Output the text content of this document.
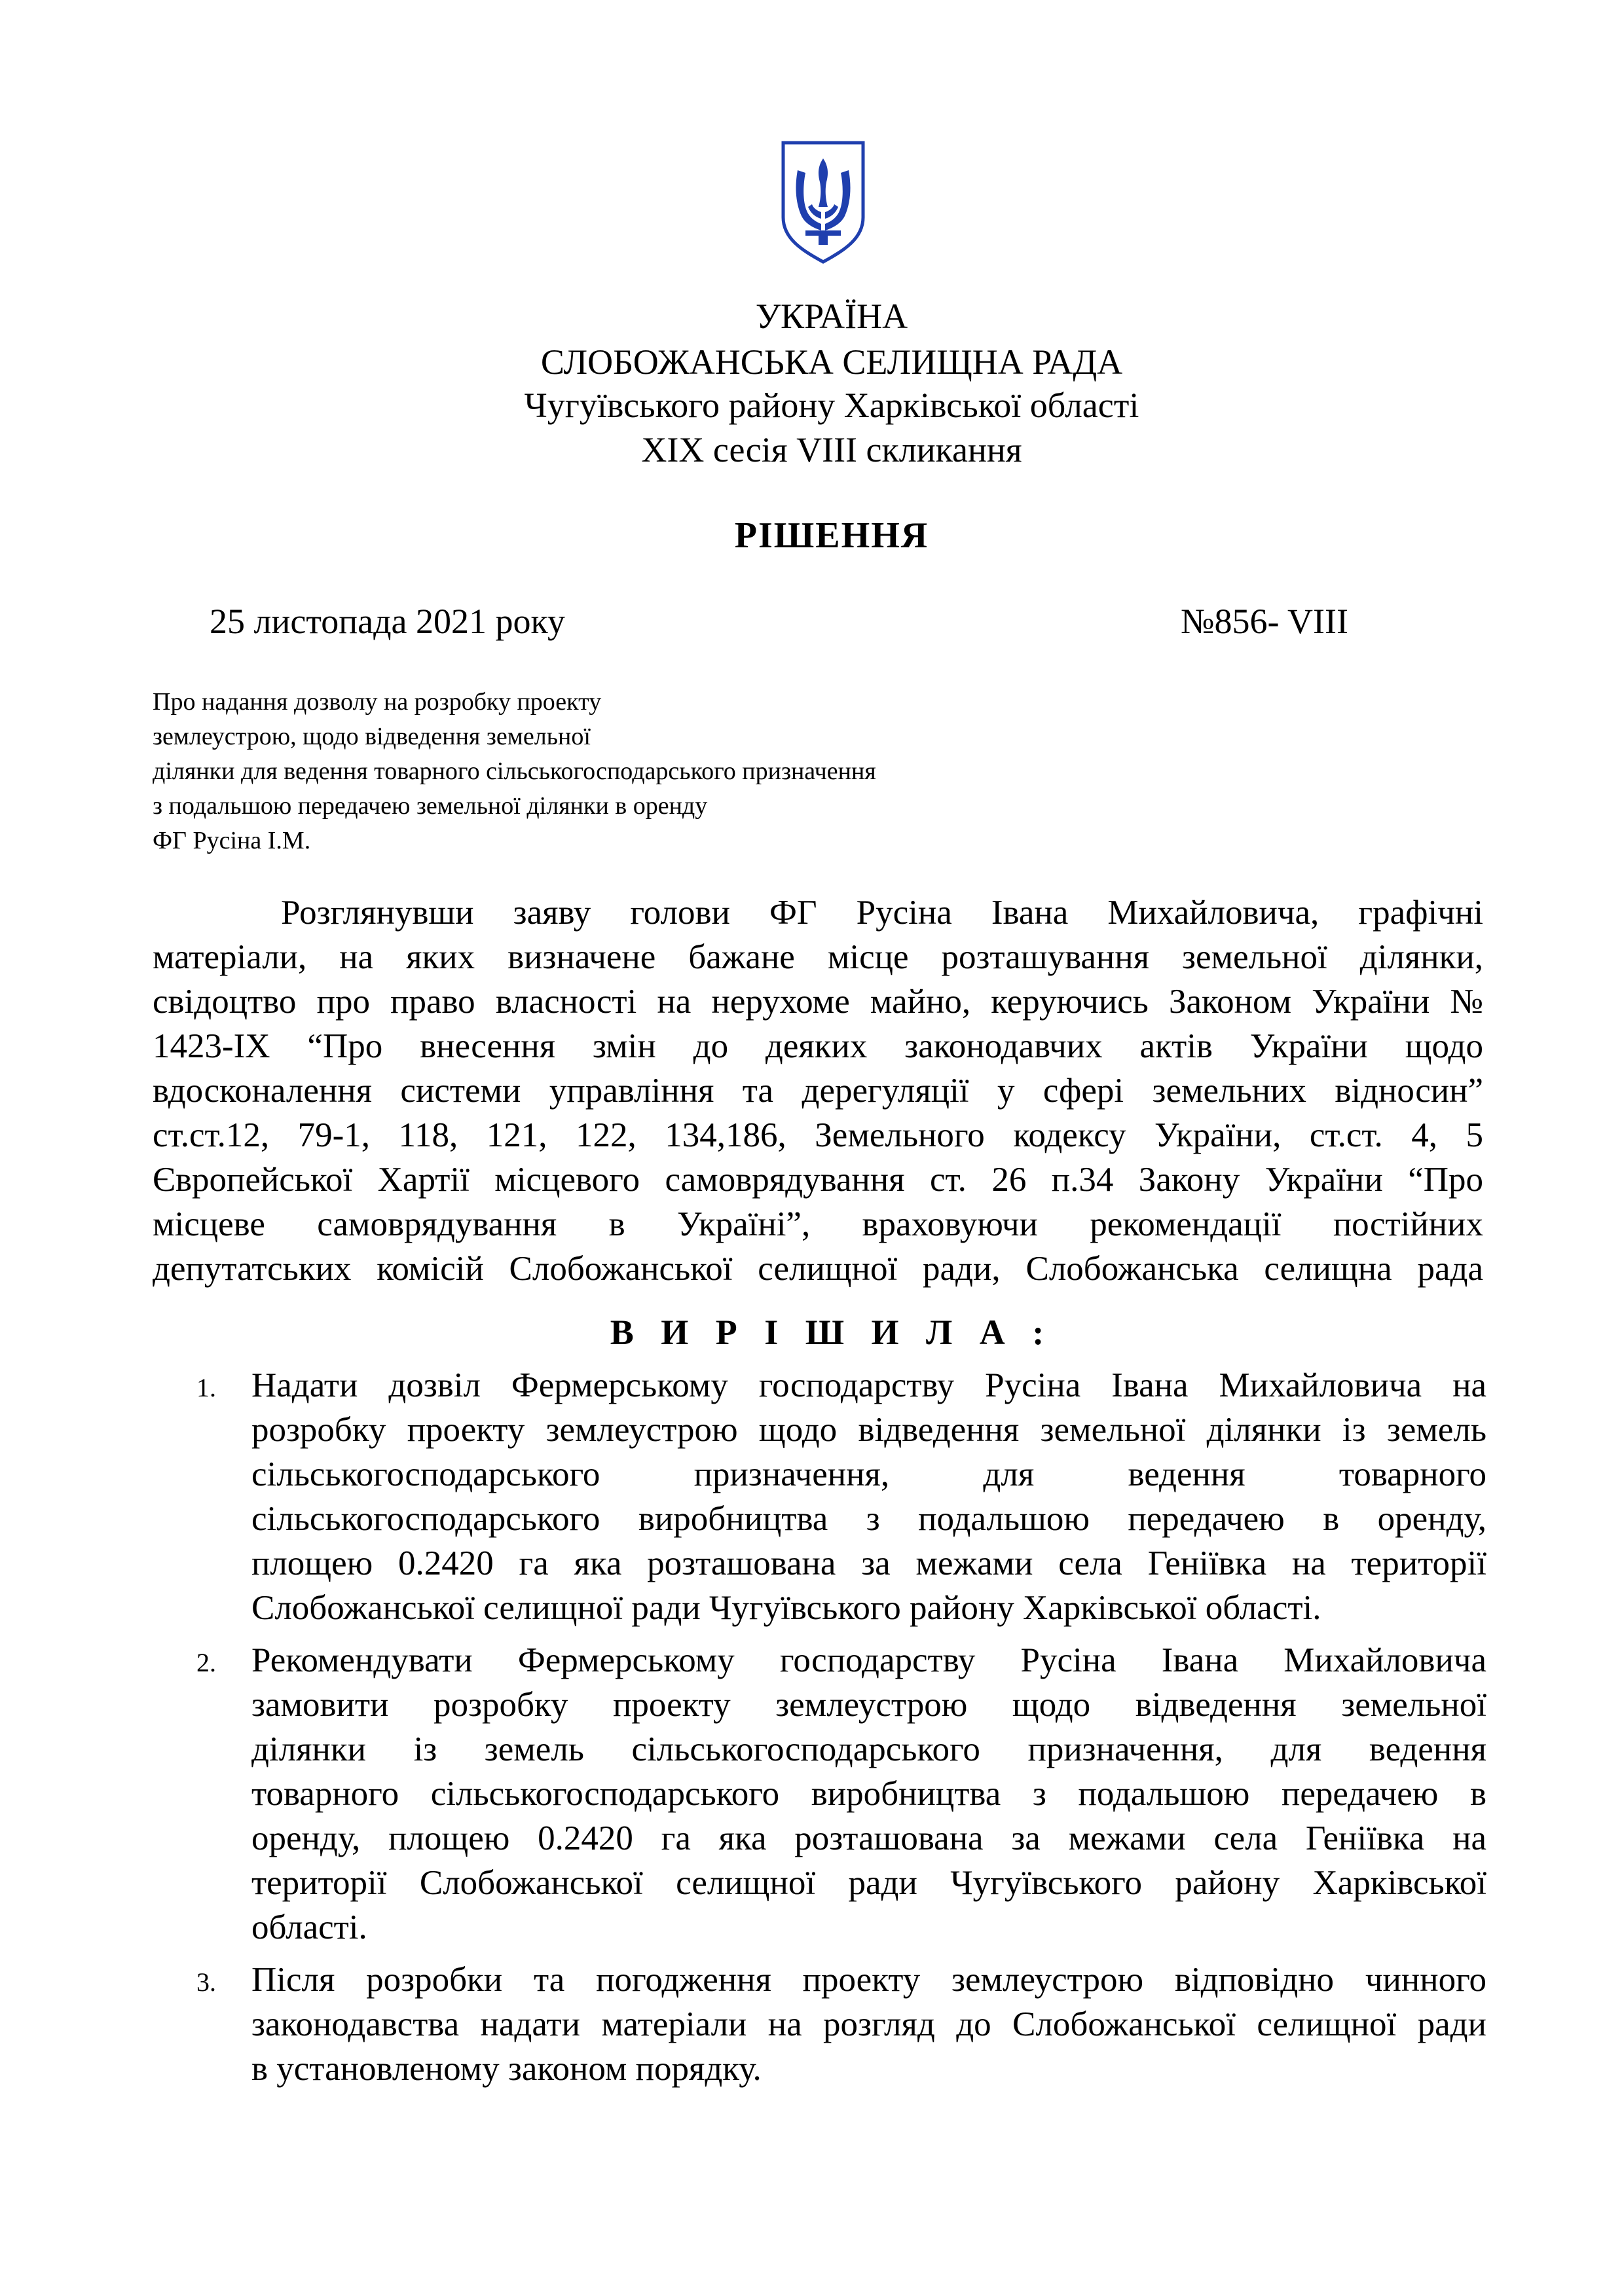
УКРАЇНА
СЛОБОЖАНСЬКА СЕЛИЩНА РАДА
Чугуївського району Харківської області
XIX сесія VIII скликання
РІШЕННЯ
25 листопада 2021 року	№856- VIII
Про надання дозволу на розробку проекту
землеустрою, щодо відведення земельної
ділянки для ведення товарного сільськогосподарського призначення
з подальшою передачею земельної ділянки в оренду
ФГ Русіна І.М.
Розглянувши заяву голови ФГ Русіна Івана Михайловича, графічні
матеріали, на яких визначене бажане місце розташування земельної ділянки,
свідоцтво про право власності на нерухоме майно, керуючись Законом України №
1423-ІХ “Про внесення змін до деяких законодавчих актів України щодо
вдосконалення системи управління та дерегуляції у сфері земельних відносин”
ст.ст.12, 79-1, 118, 121, 122, 134,186, Земельного кодексу України, ст.ст. 4, 5
Європейської Хартії місцевого самоврядування ст. 26 п.34 Закону України “Про
місцеве самоврядування в Україні”, враховуючи рекомендації постійних
депутатських комісій Слобожанської селищної ради, Слобожанська селищна рада
В И Р І Ш И Л А :
1. Надати дозвіл Фермерському господарству Русіна Івана Михайловича на
розробку проекту землеустрою щодо відведення земельної ділянки із земель
сільськогосподарського призначення, для ведення товарного
сільськогосподарського виробництва з подальшою передачею в оренду,
площею 0.2420 га яка розташована за межами села Геніївка на території
Слобожанської селищної ради Чугуївського району Харківської області.
2. Рекомендувати Фермерському господарству Русіна Івана Михайловича
замовити розробку проекту землеустрою щодо відведення земельної
ділянки із земель сільськогосподарського призначення, для ведення
товарного сільськогосподарського виробництва з подальшою передачею в
оренду, площею 0.2420 га яка розташована за межами села Геніївка на
території Слобожанської селищної ради Чугуївського району Харківської
області.
3. Після розробки та погодження проекту землеустрою відповідно чинного
законодавства надати матеріали на розгляд до Слобожанської селищної ради
в установленому законом порядку.
